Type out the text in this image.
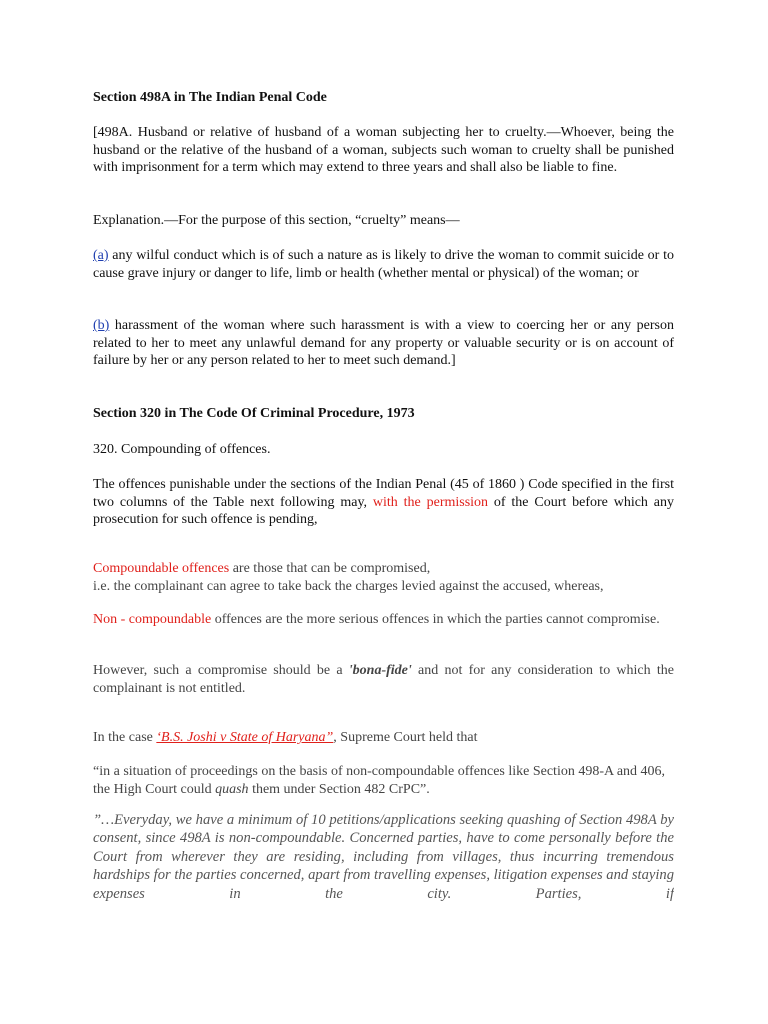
Section 498A in The Indian Penal Code

[498A. Husband or relative of husband of a woman subjecting her to cruelty.—Whoever, being the husband or the relative of the husband of a woman, subjects such woman to cruelty shall be punished with imprisonment for a term which may extend to three years and shall also be liable to fine.

Explanation.—For the purpose of this section, “cruelty” means—

(a) any wilful conduct which is of such a nature as is likely to drive the woman to commit suicide or to cause grave injury or danger to life, limb or health (whether mental or physical) of the woman; or

(b) harassment of the woman where such harassment is with a view to coercing her or any person related to her to meet any unlawful demand for any property or valuable security or is on account of failure by her or any person related to her to meet such demand.]

Section 320 in The Code Of Criminal Procedure, 1973

320. Compounding of offences.

The offences punishable under the sections of the Indian Penal (45 of 1860 ) Code specified in the first two columns of the Table next following may, with the permission of the Court before which any prosecution for such offence is pending,

Compoundable offences are those that can be compromised,
i.e. the complainant can agree to take back the charges levied against the accused, whereas,

Non - compoundable offences are the more serious offences in which the parties cannot compromise.

However, such a compromise should be a 'bona-fide' and not for any consideration to which the complainant is not entitled.

In the case ‘B.S. Joshi v State of Haryana”, Supreme Court held that

“in a situation of proceedings on the basis of non-compoundable offences like Section 498-A and 406, the High Court could quash them under Section 482 CrPC”.

”…Everyday, we have a minimum of 10 petitions/applications seeking quashing of Section 498A by consent, since 498A is non-compoundable. Concerned parties, have to come personally before the Court from wherever they are residing, including from villages, thus incurring tremendous hardships for the parties concerned, apart from travelling expenses, litigation expenses and staying expenses in the city. Parties, if
